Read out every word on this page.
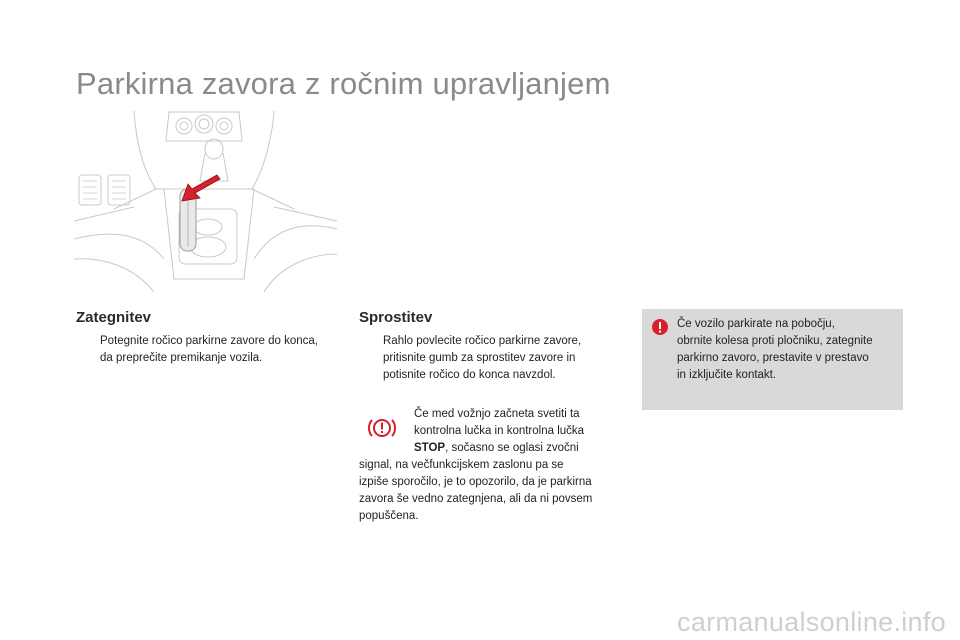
Parkirna zavora z ročnim upravljanjem
Zategnitev
Potegnite ročico parkirne zavore do konca,
da preprečite premikanje vozila.
Sprostitev
Rahlo povlecite ročico parkirne zavore,
pritisnite gumb za sprostitev zavore in
potisnite ročico do konca navzdol.
Če med vožnjo začneta svetiti ta
kontrolna lučka in kontrolna lučka
STOP, sočasno se oglasi zvočni
signal, na večfunkcijskem zaslonu pa se
izpiše sporočilo, je to opozorilo, da je parkirna
zavora še vedno zategnjena, ali da ni povsem
popuščena.
Če vozilo parkirate na pobočju,
obrnite kolesa proti pločniku, zategnite
parkirno zavoro, prestavite v prestavo
in izključite kontakt.
carmanualsonline.info
